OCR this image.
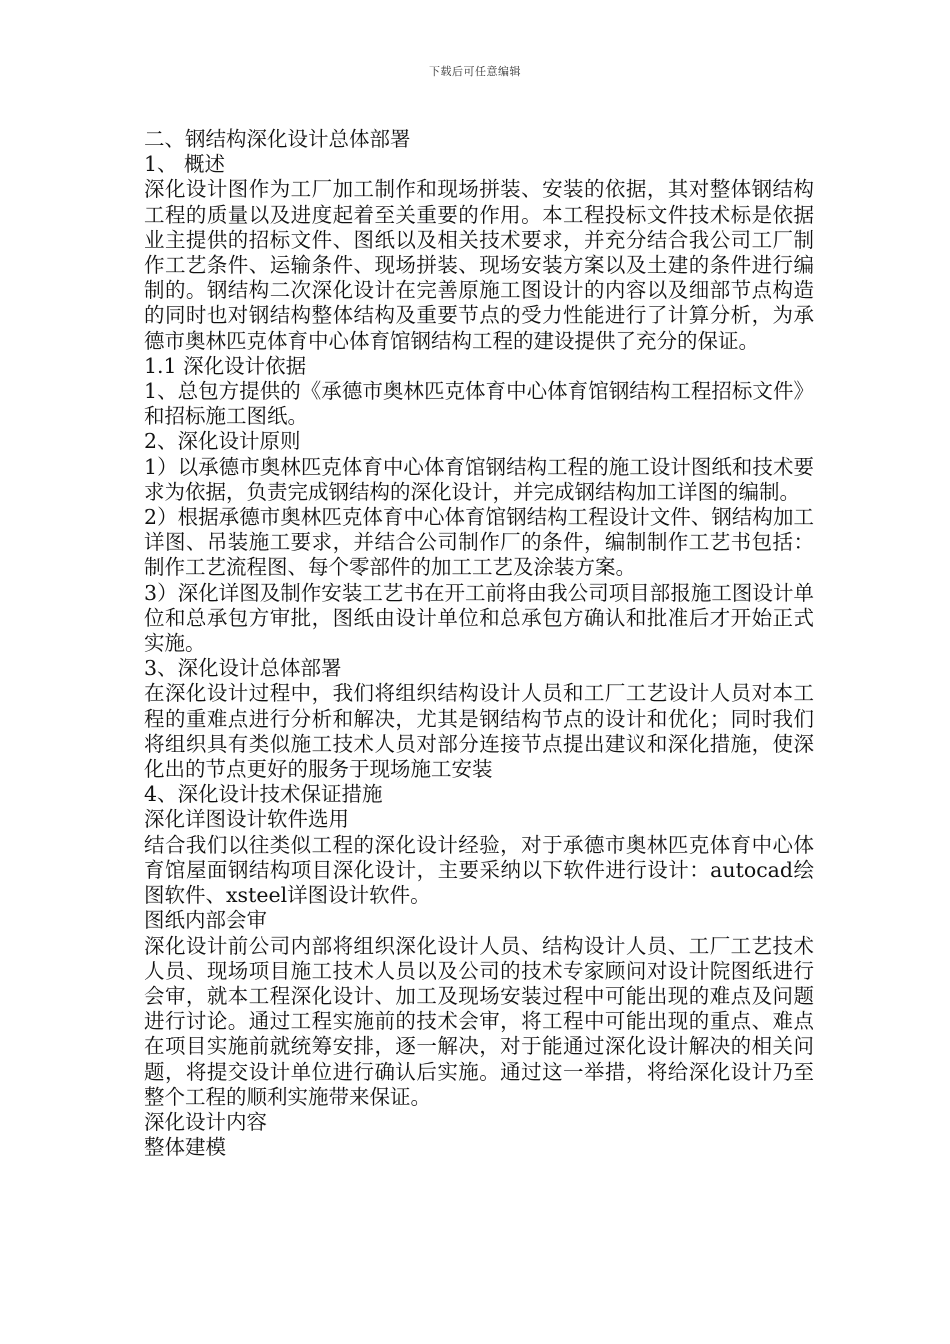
下载后可任意编辑

二、钢结构深化设计总体部署

1、 概述

深化设计图作为工厂加工制作和现场拼装、安装的依据，其对整体钢结构工程的质量以及进度起着至关重要的作用。本工程投标文件技术标是依据业主提供的招标文件、图纸以及相关技术要求，并充分结合我公司工厂制作工艺条件、运输条件、现场拼装、现场安装方案以及土建的条件进行编制的。钢结构二次深化设计在完善原施工图设计的内容以及细部节点构造的同时也对钢结构整体结构及重要节点的受力性能进行了计算分析，为承德市奥林匹克体育中心体育馆钢结构工程的建设提供了充分的保证。

1.1 深化设计依据

1、总包方提供的《承德市奥林匹克体育中心体育馆钢结构工程招标文件》和招标施工图纸。

2、深化设计原则

1）以承德市奥林匹克体育中心体育馆钢结构工程的施工设计图纸和技术要求为依据，负责完成钢结构的深化设计，并完成钢结构加工详图的编制。

2）根据承德市奥林匹克体育中心体育馆钢结构工程设计文件、钢结构加工详图、吊装施工要求，并结合公司制作厂的条件，编制制作工艺书包括：制作工艺流程图、每个零部件的加工工艺及涂装方案。

3）深化详图及制作安装工艺书在开工前将由我公司项目部报施工图设计单位和总承包方审批，图纸由设计单位和总承包方确认和批准后才开始正式实施。

3、深化设计总体部署

在深化设计过程中，我们将组织结构设计人员和工厂工艺设计人员对本工程的重难点进行分析和解决，尤其是钢结构节点的设计和优化；同时我们将组织具有类似施工技术人员对部分连接节点提出建议和深化措施，使深化出的节点更好的服务于现场施工安装

4、深化设计技术保证措施

深化详图设计软件选用

结合我们以往类似工程的深化设计经验，对于承德市奥林匹克体育中心体育馆屋面钢结构项目深化设计，主要采纳以下软件进行设计：autocad绘图软件、xsteel详图设计软件。

图纸内部会审

深化设计前公司内部将组织深化设计人员、结构设计人员、工厂工艺技术人员、现场项目施工技术人员以及公司的技术专家顾问对设计院图纸进行会审，就本工程深化设计、加工及现场安装过程中可能出现的难点及问题进行讨论。通过工程实施前的技术会审，将工程中可能出现的重点、难点在项目实施前就统筹安排，逐一解决，对于能通过深化设计解决的相关问题，将提交设计单位进行确认后实施。通过这一举措，将给深化设计乃至整个工程的顺利实施带来保证。

深化设计内容

整体建模
